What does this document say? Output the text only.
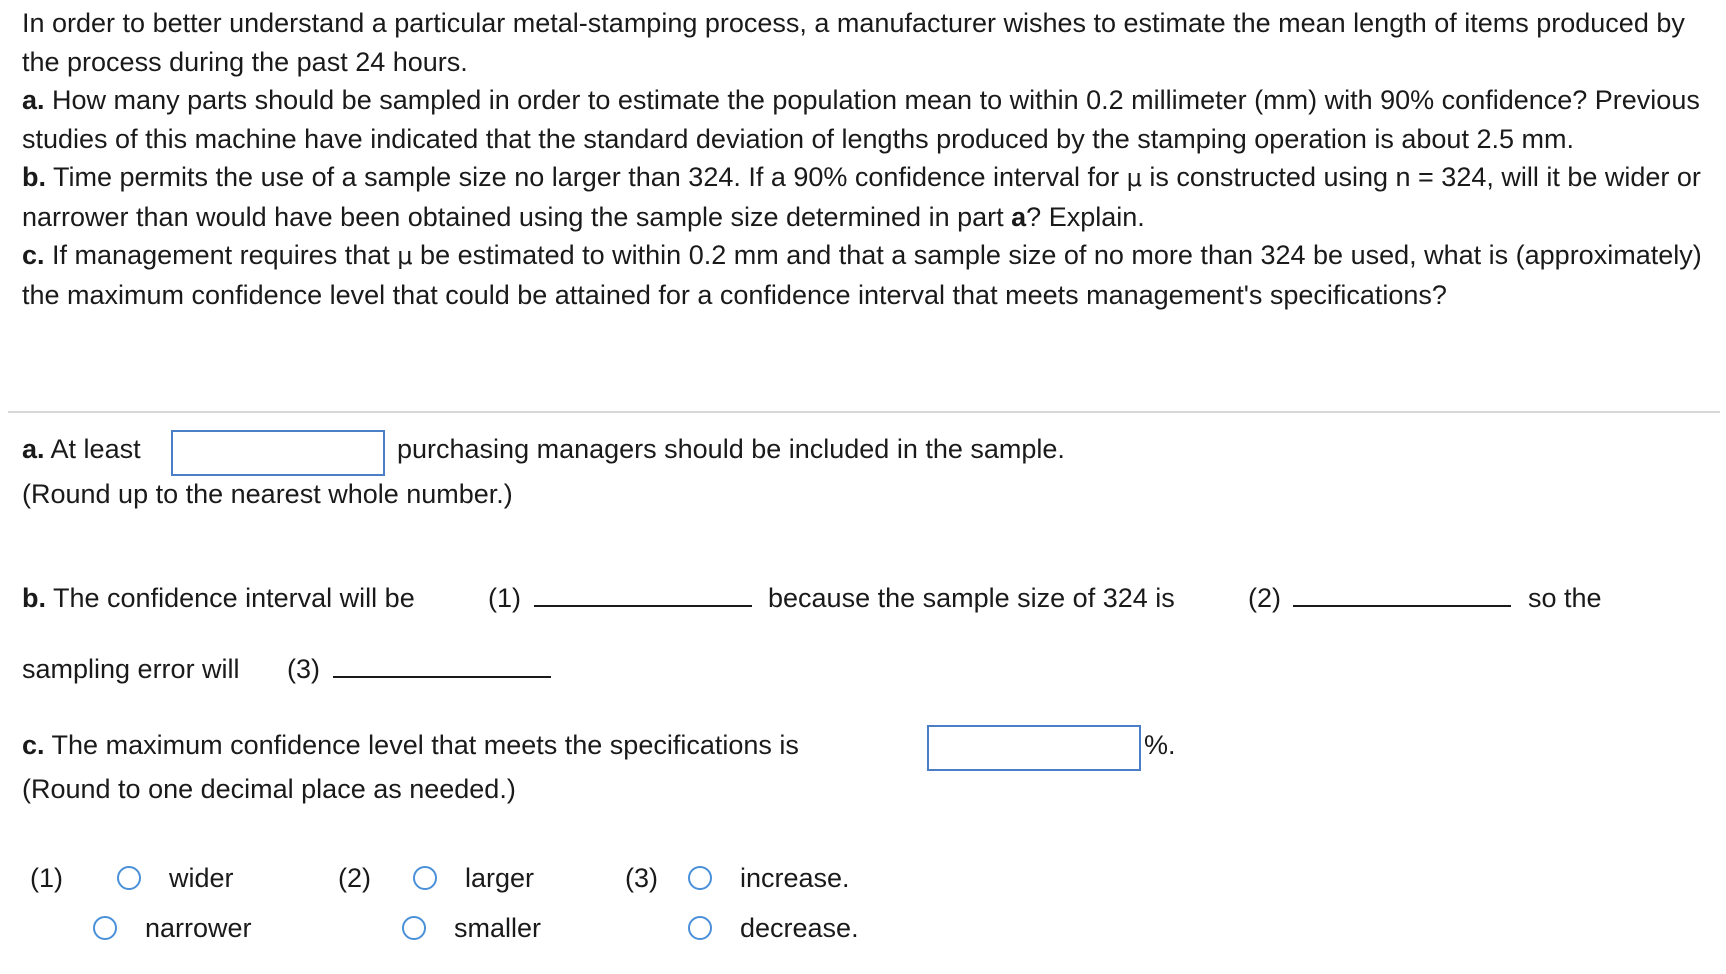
In order to better understand a particular metal-stamping process, a manufacturer wishes to estimate the mean length of items produced by the process during the past 24 hours.

a. How many parts should be sampled in order to estimate the population mean to within 0.2 millimeter (mm) with 90% confidence? Previous studies of this machine have indicated that the standard deviation of lengths produced by the stamping operation is about 2.5 mm.

b. Time permits the use of a sample size no larger than 324. If a 90% confidence interval for μ is constructed using n = 324, will it be wider or narrower than would have been obtained using the sample size determined in part a? Explain.

c. If management requires that μ be estimated to within 0.2 mm and that a sample size of no more than 324 be used, what is (approximately) the maximum confidence level that could be attained for a confidence interval that meets management's specifications?

a. At least	purchasing managers should be included in the sample.
(Round up to the nearest whole number.)
b. The confidence interval will be	(1)	because the sample size of 324 is	(2)	so the
sampling error will (3)
c. The maximum confidence level that meets the specifications is	%.
(Round to one decimal place as needed.)
(1)	wider
narrower
(2)	larger
smaller
(3)	increase.
decrease.
